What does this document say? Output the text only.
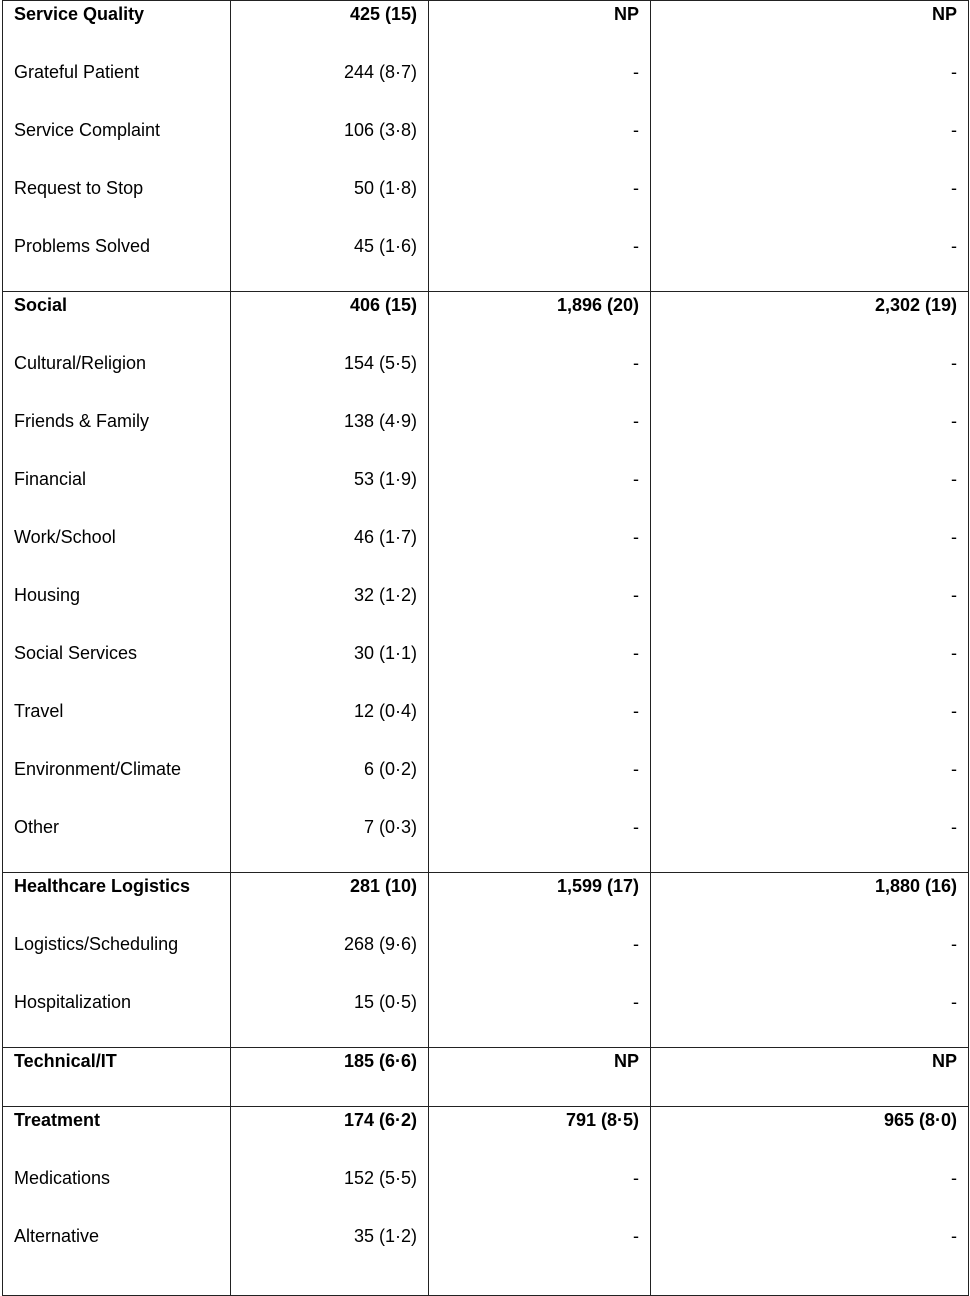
Service Quality	425 (15)	NP	NP
Grateful Patient	244 (8·7)	-	-
Service Complaint	106 (3·8)	-	-
Request to Stop	50 (1·8)	-	-
Problems Solved	45 (1·6)	-	-
Social	406 (15)	1,896 (20)	2,302 (19)
Cultural/Religion	154 (5·5)	-	-
Friends & Family	138 (4·9)	-	-
Financial	53 (1·9)	-	-
Work/School	46 (1·7)	-	-
Housing	32 (1·2)	-	-
Social Services	30 (1·1)	-	-
Travel	12 (0·4)	-	-
Environment/Climate	6 (0·2)	-	-
Other	7 (0·3)	-	-
Healthcare Logistics	281 (10)	1,599 (17)	1,880 (16)
Logistics/Scheduling	268 (9·6)	-	-
Hospitalization	15 (0·5)	-	-
Technical/IT	185 (6·6)	NP	NP
Treatment	174 (6·2)	791 (8·5)	965 (8·0)
Medications	152 (5·5)	-	-
Alternative	35 (1·2)	-	-
